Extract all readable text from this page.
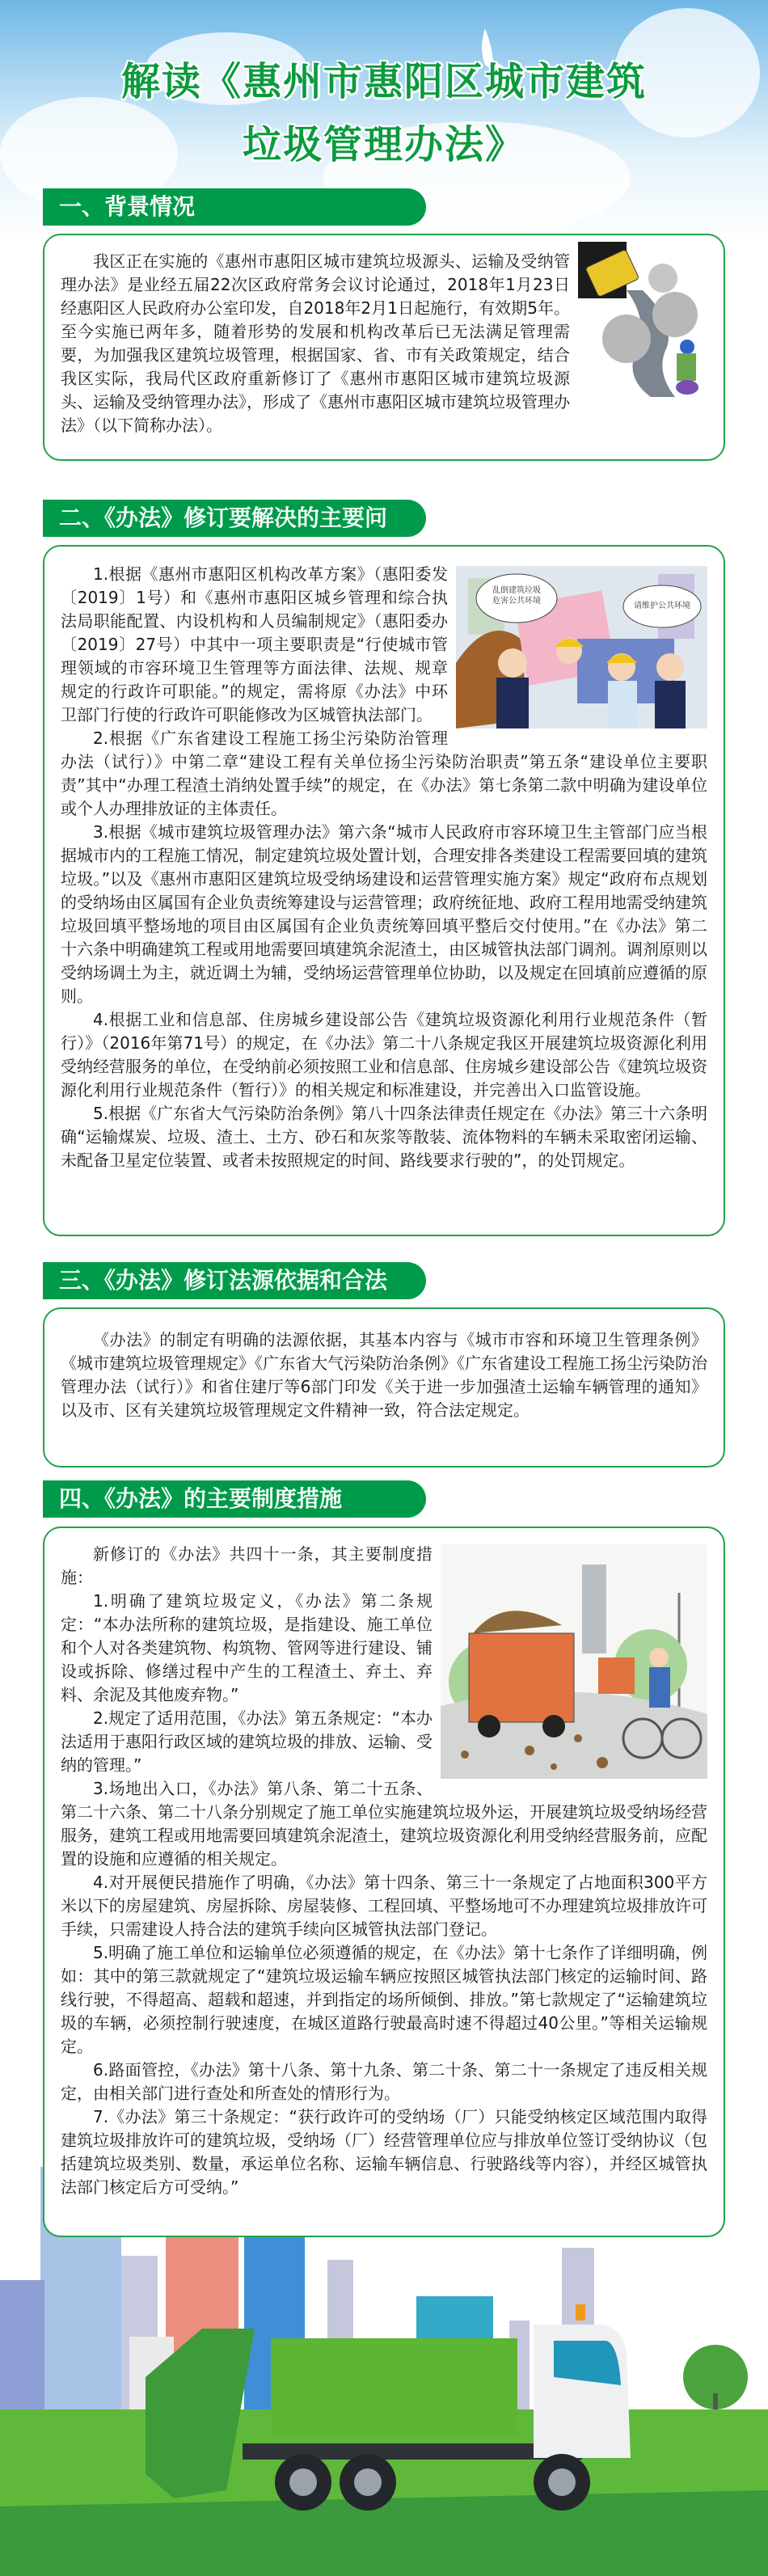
解读《惠州市惠阳区城市建筑
垃圾管理办法》
一、背景情况

我区正在实施的《惠州市惠阳区城市建筑垃圾源头、运输及受纳管理办法》是业经五届22次区政府常务会议讨论通过，2018年1月23日经惠阳区人民政府办公室印发，自2018年2月1日起施行，有效期5年。至今实施已两年多，随着形势的发展和机构改革后已无法满足管理需要，为加强我区建筑垃圾管理，根据国家、省、市有关政策规定，结合我区实际，我局代区政府重新修订了《惠州市惠阳区城市建筑垃圾源头、运输及受纳管理办法》，形成了《惠州市惠阳区城市建筑垃圾管理办法》（以下简称办法）。

二、《办法》修订要解决的主要问
乱倒建筑垃圾
危害公共环境
请维护公共环境

1.根据《惠州市惠阳区机构改革方案》（惠阳委发〔2019〕1号）和《惠州市惠阳区城乡管理和综合执法局职能配置、内设机构和人员编制规定》（惠阳委办〔2019〕27号）中其中一项主要职责是“行使城市管理领域的市容环境卫生管理等方面法律、法规、规章规定的行政许可职能。”的规定，需将原《办法》中环卫部门行使的行政许可职能修改为区城管执法部门。

2.根据《广东省建设工程施工扬尘污染防治管理办法（试行）》中第二章“建设工程有关单位扬尘污染防治职责”第五条“建设单位主要职责”其中“办理工程渣土消纳处置手续”的规定，在《办法》第七条第二款中明确为建设单位或个人办理排放证的主体责任。

3.根据《城市建筑垃圾管理办法》第六条“城市人民政府市容环境卫生主管部门应当根据城市内的工程施工情况，制定建筑垃圾处置计划，合理安排各类建设工程需要回填的建筑垃圾。”以及《惠州市惠阳区建筑垃圾受纳场建设和运营管理实施方案》规定“政府布点规划的受纳场由区属国有企业负责统筹建设与运营管理；政府统征地、政府工程用地需受纳建筑垃圾回填平整场地的项目由区属国有企业负责统筹回填平整后交付使用。”在《办法》第二十六条中明确建筑工程或用地需要回填建筑余泥渣土，由区城管执法部门调剂。调剂原则以受纳场调土为主，就近调土为辅，受纳场运营管理单位协助，以及规定在回填前应遵循的原则。

4.根据工业和信息部、住房城乡建设部公告《建筑垃圾资源化利用行业规范条件（暂行）》（2016年第71号）的规定，在《办法》第二十八条规定我区开展建筑垃圾资源化利用受纳经营服务的单位，在受纳前必须按照工业和信息部、住房城乡建设部公告《建筑垃圾资源化利用行业规范条件（暂行）》的相关规定和标准建设，并完善出入口监管设施。

5.根据《广东省大气污染防治条例》第八十四条法律责任规定在《办法》第三十六条明确“运输煤炭、垃圾、渣土、土方、砂石和灰浆等散装、流体物料的车辆未采取密闭运输、未配备卫星定位装置、或者未按照规定的时间、路线要求行驶的”，的处罚规定。

三、《办法》修订法源依据和合法

《办法》的制定有明确的法源依据，其基本内容与《城市市容和环境卫生管理条例》《城市建筑垃圾管理规定》《广东省大气污染防治条例》《广东省建设工程施工扬尘污染防治管理办法（试行）》和省住建厅等6部门印发《关于进一步加强渣土运输车辆管理的通知》以及市、区有关建筑垃圾管理规定文件精神一致，符合法定规定。

四、《办法》的主要制度措施

新修订的《办法》共四十一条，其主要制度措施：

1.明确了建筑垃圾定义，《办法》第二条规定：“本办法所称的建筑垃圾，是指建设、施工单位和个人对各类建筑物、构筑物、管网等进行建设、铺设或拆除、修缮过程中产生的工程渣土、弃土、弃料、余泥及其他废弃物。”

2.规定了适用范围，《办法》第五条规定：“本办法适用于惠阳行政区域的建筑垃圾的排放、运输、受纳的管理。”

3.场地出入口，《办法》第八条、第二十五条、第二十六条、第二十八条分别规定了施工单位实施建筑垃圾外运，开展建筑垃圾受纳场经营服务，建筑工程或用地需要回填建筑余泥渣土，建筑垃圾资源化利用受纳经营服务前，应配置的设施和应遵循的相关规定。

4.对开展便民措施作了明确，《办法》第十四条、第三十一条规定了占地面积300平方米以下的房屋建筑、房屋拆除、房屋装修、工程回填、平整场地可不办理建筑垃圾排放许可手续，只需建设人持合法的建筑手续向区城管执法部门登记。

5.明确了施工单位和运输单位必须遵循的规定，在《办法》第十七条作了详细明确，例如：其中的第三款就规定了“建筑垃圾运输车辆应按照区城管执法部门核定的运输时间、路线行驶，不得超高、超载和超速，并到指定的场所倾倒、排放。”第七款规定了“运输建筑垃圾的车辆，必须控制行驶速度，在城区道路行驶最高时速不得超过40公里。”等相关运输规定。

6.路面管控，《办法》第十八条、第十九条、第二十条、第二十一条规定了违反相关规定，由相关部门进行查处和所查处的情形行为。

7.《办法》第三十条规定：“获行政许可的受纳场（厂）只能受纳核定区域范围内取得建筑垃圾排放许可的建筑垃圾，受纳场（厂）经营管理单位应与排放单位签订受纳协议（包括建筑垃圾类别、数量，承运单位名称、运输车辆信息、行驶路线等内容），并经区城管执法部门核定后方可受纳。”
